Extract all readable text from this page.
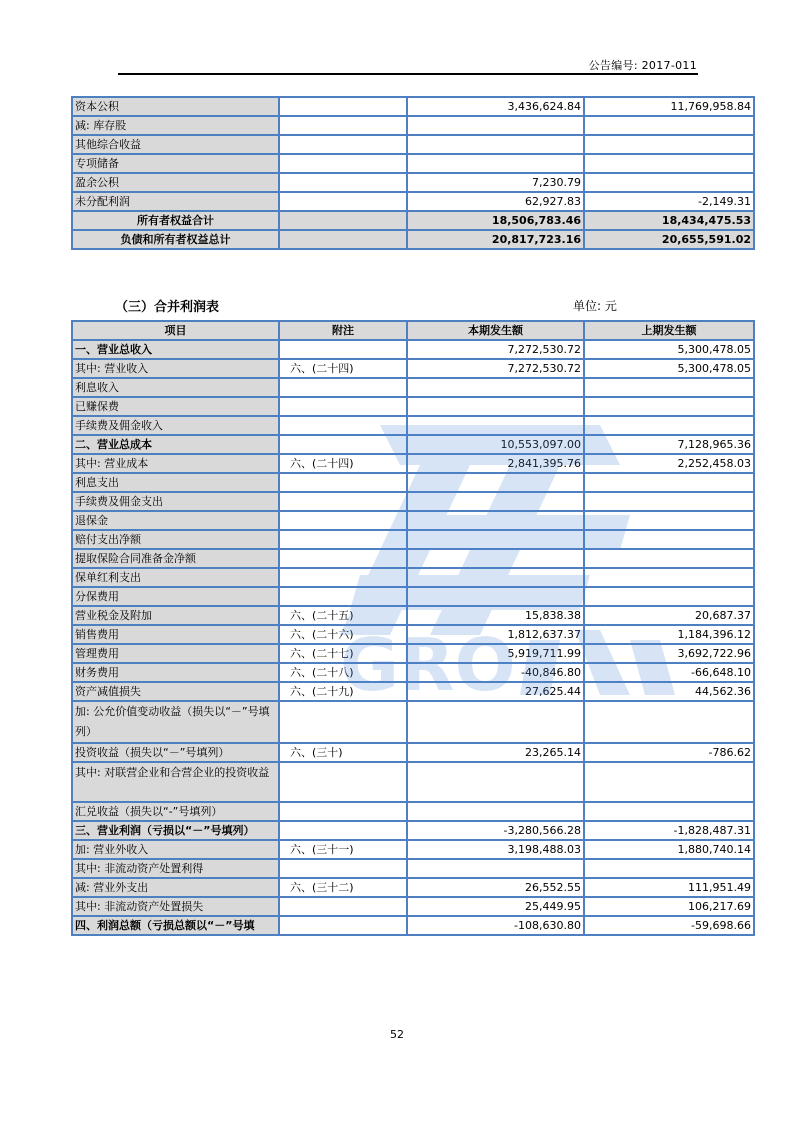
公告编号: 2017-011
资本公积		3,436,624.84	11,769,958.84
减: 库存股			
其他综合收益			
专项储备			
盈余公积		7,230.79	
未分配利润		62,927.83	-2,149.31
所有者权益合计		18,506,783.46	18,434,475.53
负债和所有者权益总计		20,817,723.16	20,655,591.02
（三）合并利润表	单位: 元
项目	附注	本期发生额	上期发生额
一、营业总收入		7,272,530.72	5,300,478.05
其中: 营业收入	六、(二十四)	7,272,530.72	5,300,478.05
利息收入			
已赚保费			
手续费及佣金收入			
二、营业总成本		10,553,097.00	7,128,965.36
其中: 营业成本	六、(二十四)	2,841,395.76	2,252,458.03
利息支出			
手续费及佣金支出			
退保金			
赔付支出净额			
提取保险合同准备金净额			
保单红利支出			
分保费用			
营业税金及附加	六、(二十五)	15,838.38	20,687.37
销售费用	六、(二十六)	1,812,637.37	1,184,396.12
管理费用	六、(二十七)	5,919,711.99	3,692,722.96
财务费用	六、(二十八)	-40,846.80	-66,648.10
资产减值损失	六、(二十九)	27,625.44	44,562.36
加: 公允价值变动收益（损失以“－”号填列）			
投资收益（损失以“－”号填列）	六、(三十)	23,265.14	-786.62
其中: 对联营企业和合营企业的投资收益			
汇兑收益（损失以“-”号填列）			
三、营业利润（亏损以“－”号填列）		-3,280,566.28	-1,828,487.31
加: 营业外收入	六、(三十一)	3,198,488.03	1,880,740.14
其中: 非流动资产处置利得			
减: 营业外支出	六、(三十二)	26,552.55	111,951.49
其中: 非流动资产处置损失		25,449.95	106,217.69
四、利润总额（亏损总额以“－”号填		-108,630.80	-59,698.66
GRO
52
